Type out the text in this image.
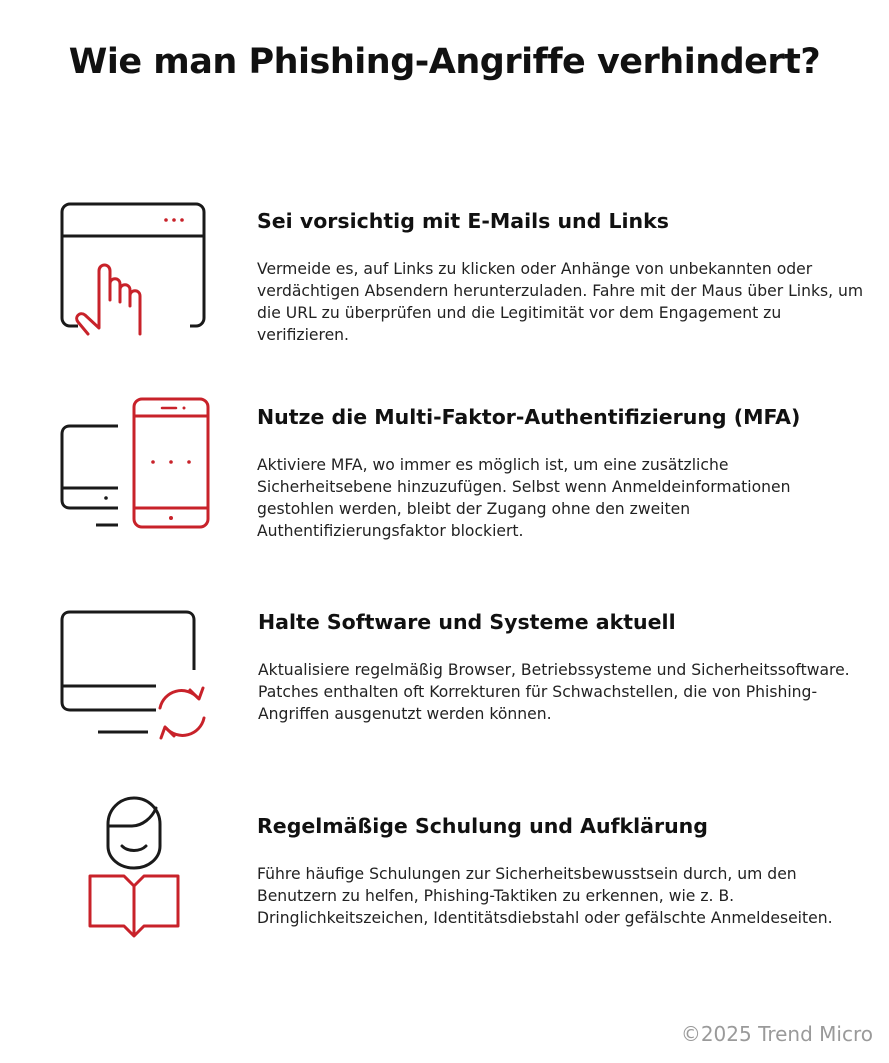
Wie man Phishing-Angriffe verhindert?
Sei vorsichtig mit E-Mails und Links
Vermeide es, auf Links zu klicken oder Anhänge von unbekannten oder verdächtigen Absendern herunterzuladen. Fahre mit der Maus über Links, um die URL zu überprüfen und die Legitimität vor dem Engagement zu verifizieren.
Nutze die Multi-Faktor-Authentifizierung (MFA)
Aktiviere MFA, wo immer es möglich ist, um eine zusätzliche Sicherheitsebene hinzuzufügen. Selbst wenn Anmeldeinformationen gestohlen werden, bleibt der Zugang ohne den zweiten Authentifizierungsfaktor blockiert.
Halte Software und Systeme aktuell
Aktualisiere regelmäßig Browser, Betriebssysteme und Sicherheitssoftware. Patches enthalten oft Korrekturen für Schwachstellen, die von Phishing-Angriffen ausgenutzt werden können.
Regelmäßige Schulung und Aufklärung
Führe häufige Schulungen zur Sicherheitsbewusstsein durch, um den Benutzern zu helfen, Phishing-Taktiken zu erkennen, wie z. B. Dringlichkeitszeichen, Identitätsdiebstahl oder gefälschte Anmeldeseiten.
©2025 Trend Micro
